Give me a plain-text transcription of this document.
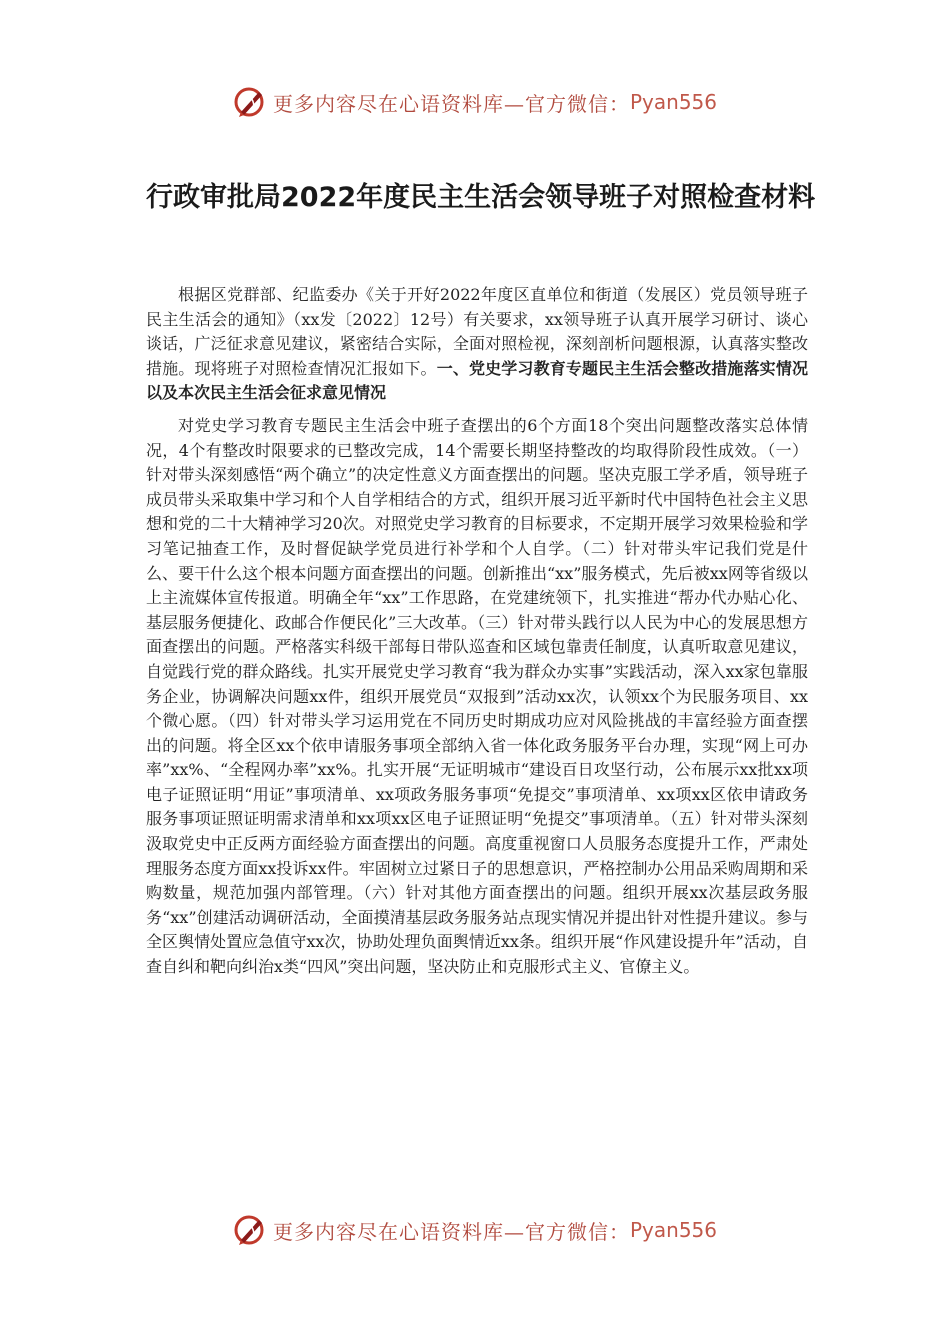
更多内容尽在心语资料库—官方微信： Pyan556
行政审批局2022年度民主生活会领导班子对照检查材料

根据区党群部、纪监委办《关于开好2022年度区直单位和街道（发展区）党员领导班子民主生活会的通知》（xx发〔2022〕12号）有关要求，xx领导班子认真开展学习研讨、谈心谈话，广泛征求意见建议，紧密结合实际，全面对照检视，深刻剖析问题根源，认真落实整改措施。现将班子对照检查情况汇报如下。一、党史学习教育专题民主生活会整改措施落实情况以及本次民主生活会征求意见情况

对党史学习教育专题民主生活会中班子查摆出的6个方面18个突出问题整改落实总体情况，4个有整改时限要求的已整改完成，14个需要长期坚持整改的均取得阶段性成效。（一）针对带头深刻感悟“两个确立”的决定性意义方面查摆出的问题。坚决克服工学矛盾，领导班子成员带头采取集中学习和个人自学相结合的方式，组织开展习近平新时代中国特色社会主义思想和党的二十大精神学习20次。对照党史学习教育的目标要求，不定期开展学习效果检验和学习笔记抽查工作，及时督促缺学党员进行补学和个人自学。（二）针对带头牢记我们党是什么、要干什么这个根本问题方面查摆出的问题。创新推出“xx”服务模式，先后被xx网等省级以上主流媒体宣传报道。明确全年“xx”工作思路，在党建统领下，扎实推进“帮办代办贴心化、基层服务便捷化、政邮合作便民化”三大改革。（三）针对带头践行以人民为中心的发展思想方面查摆出的问题。严格落实科级干部每日带队巡查和区域包靠责任制度，认真听取意见建议，自觉践行党的群众路线。扎实开展党史学习教育“我为群众办实事”实践活动，深入xx家包靠服务企业，协调解决问题xx件，组织开展党员“双报到”活动xx次，认领xx个为民服务项目、xx个微心愿。（四）针对带头学习运用党在不同历史时期成功应对风险挑战的丰富经验方面查摆出的问题。将全区xx个依申请服务事项全部纳入省一体化政务服务平台办理，实现“网上可办率”xx%、“全程网办率”xx%。扎实开展“无证明城市“建设百日攻坚行动，公布展示xx批xx项电子证照证明“用证”事项清单、xx项政务服务事项“免提交”事项清单、xx项xx区依申请政务服务事项证照证明需求清单和xx项xx区电子证照证明“免提交”事项清单。（五）针对带头深刻汲取党史中正反两方面经验方面查摆出的问题。高度重视窗口人员服务态度提升工作，严肃处理服务态度方面xx投诉xx件。牢固树立过紧日子的思想意识，严格控制办公用品采购周期和采购数量，规范加强内部管理。（六）针对其他方面查摆出的问题。组织开展xx次基层政务服务“xx”创建活动调研活动，全面摸清基层政务服务站点现实情况并提出针对性提升建议。参与全区舆情处置应急值守xx次，协助处理负面舆情近xx条。组织开展“作风建设提升年”活动，自查自纠和靶向纠治x类“四风”突出问题，坚决防止和克服形式主义、官僚主义。

更多内容尽在心语资料库—官方微信： Pyan556
